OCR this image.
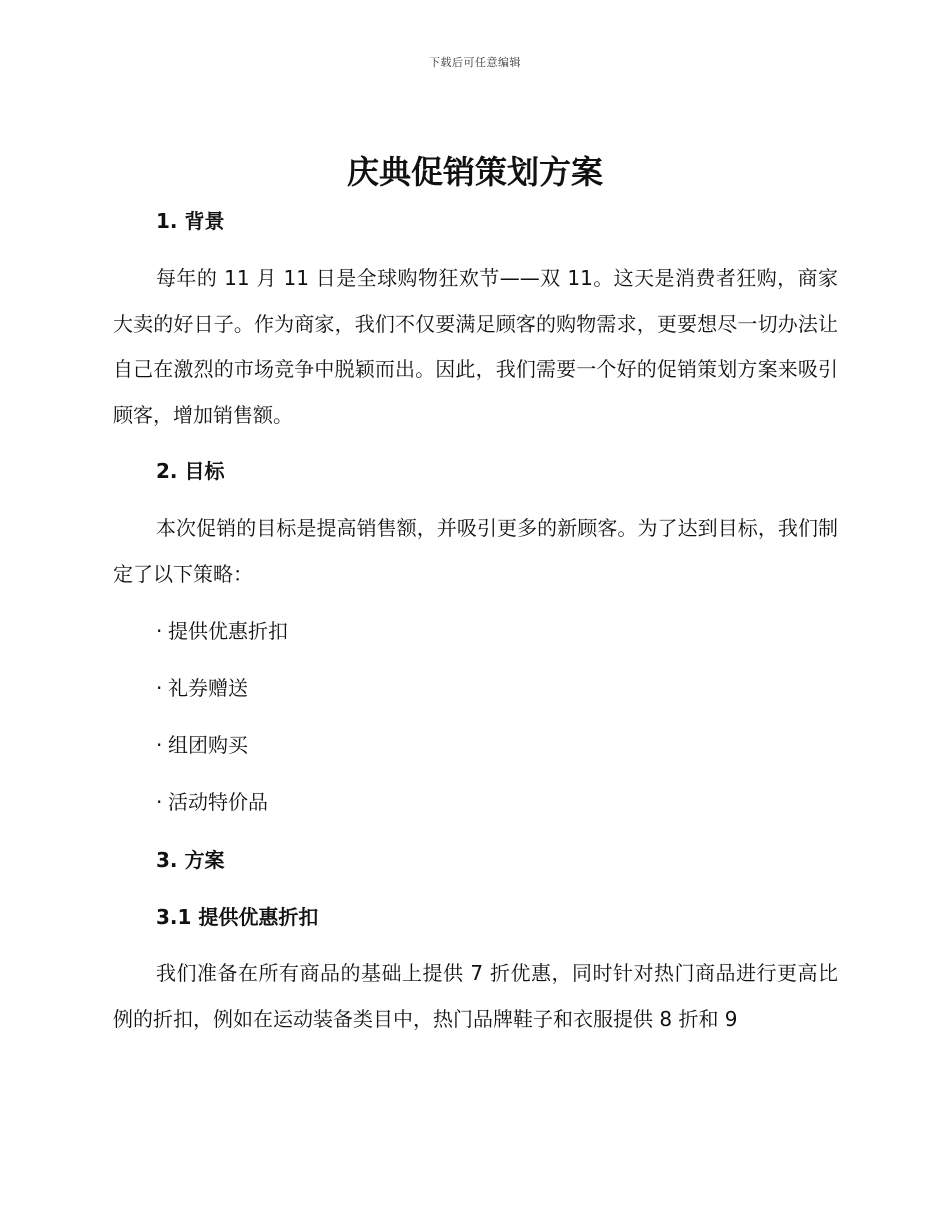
下载后可任意编辑
庆典促销策划方案
1. 背景

每年的 11 月 11 日是全球购物狂欢节——双 11。这天是消费者狂购，商家大卖的好日子。作为商家，我们不仅要满足顾客的购物需求，更要想尽一切办法让自己在激烈的市场竞争中脱颖而出。因此，我们需要一个好的促销策划方案来吸引顾客，增加销售额。

2. 目标

本次促销的目标是提高销售额，并吸引更多的新顾客。为了达到目标，我们制定了以下策略：

· 提供优惠折扣

· 礼券赠送

· 组团购买

· 活动特价品

3. 方案
3.1 提供优惠折扣

我们准备在所有商品的基础上提供 7 折优惠，同时针对热门商品进行更高比例的折扣，例如在运动装备类目中，热门品牌鞋子和衣服提供 8 折和 9
